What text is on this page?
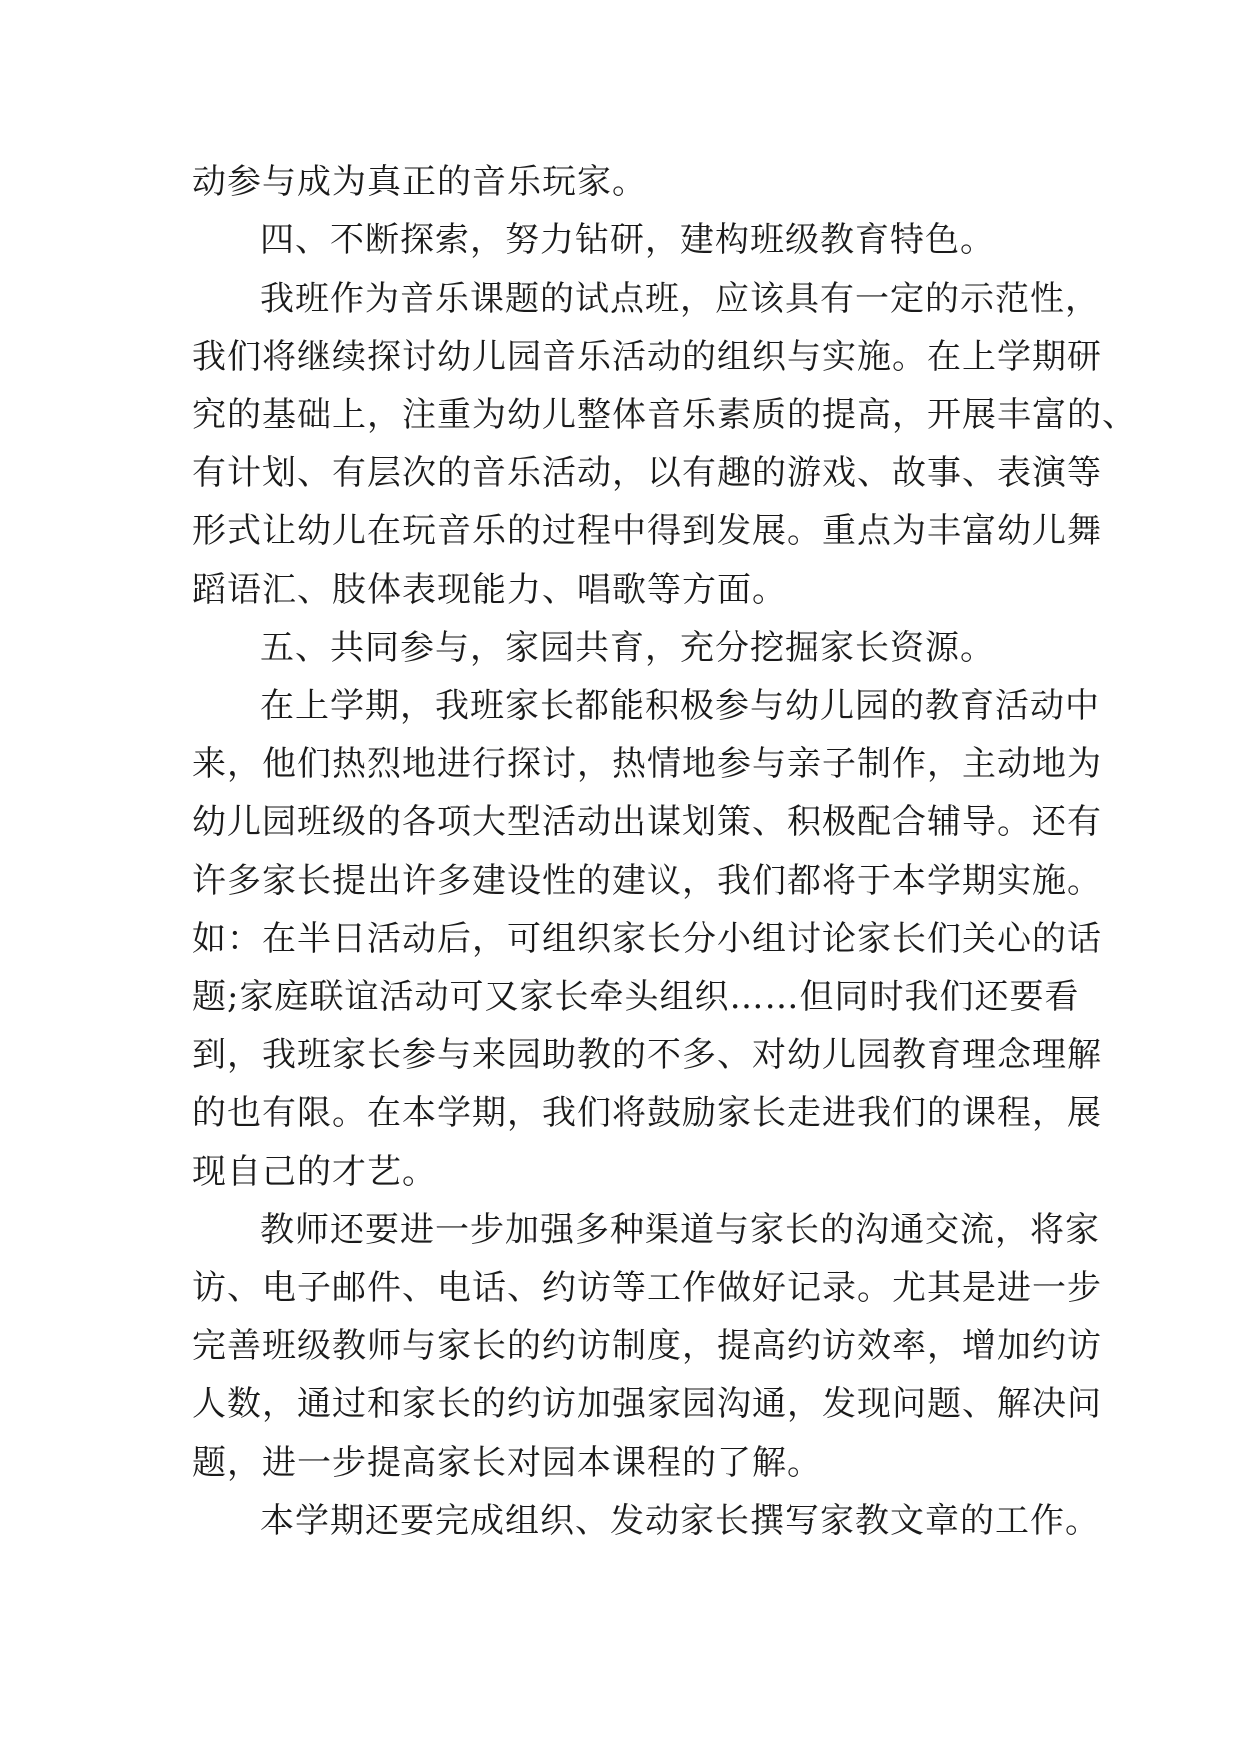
动参与成为真正的音乐玩家。
四、不断探索，努力钻研，建构班级教育特色。
我班作为音乐课题的试点班，应该具有一定的示范性，
我们将继续探讨幼儿园音乐活动的组织与实施。在上学期研
究的基础上，注重为幼儿整体音乐素质的提高，开展丰富的、
有计划、有层次的音乐活动，以有趣的游戏、故事、表演等
形式让幼儿在玩音乐的过程中得到发展。重点为丰富幼儿舞
蹈语汇、肢体表现能力、唱歌等方面。
五、共同参与，家园共育，充分挖掘家长资源。
在上学期，我班家长都能积极参与幼儿园的教育活动中
来，他们热烈地进行探讨，热情地参与亲子制作，主动地为
幼儿园班级的各项大型活动出谋划策、积极配合辅导。还有
许多家长提出许多建设性的建议，我们都将于本学期实施。
如：在半日活动后，可组织家长分小组讨论家长们关心的话
题;家庭联谊活动可又家长牵头组织……但同时我们还要看
到，我班家长参与来园助教的不多、对幼儿园教育理念理解
的也有限。在本学期，我们将鼓励家长走进我们的课程，展
现自己的才艺。
教师还要进一步加强多种渠道与家长的沟通交流，将家
访、电子邮件、电话、约访等工作做好记录。尤其是进一步
完善班级教师与家长的约访制度，提高约访效率，增加约访
人数，通过和家长的约访加强家园沟通，发现问题、解决问
题，进一步提高家长对园本课程的了解。
本学期还要完成组织、发动家长撰写家教文章的工作。
